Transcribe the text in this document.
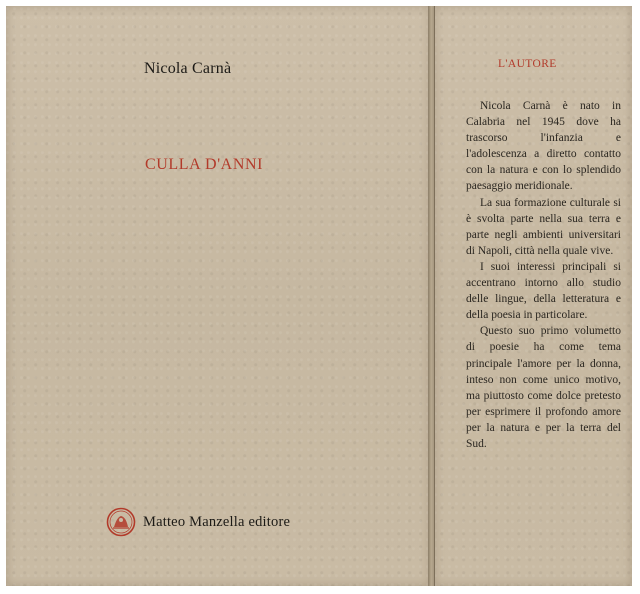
Nicola Carnà
CULLA D'ANNI
Matteo Manzella editore
L'AUTORE

Nicola Carnà è nato in Calabria nel 1945 dove ha trascorso l'infanzia e l'adolescenza a diretto contatto con la natura e con lo splendido paesaggio meridionale.

La sua formazione culturale si è svolta parte nella sua terra e parte negli ambienti universitari di Napoli, città nella quale vive.

I suoi interessi principali si accentrano intorno allo studio delle lingue, della letteratura e della poesia in particolare.

Questo suo primo volumetto di poesie ha come tema principale l'amore per la donna, inteso non come unico motivo, ma piuttosto come dolce pretesto per esprimere il profondo amore per la natura e per la terra del Sud.
